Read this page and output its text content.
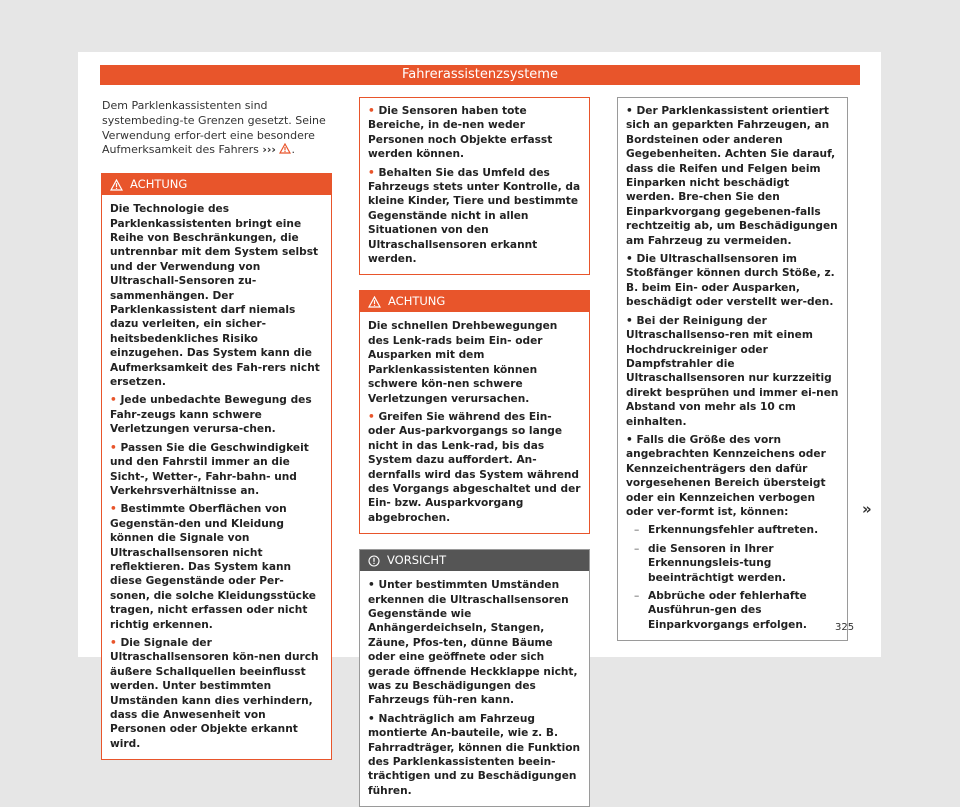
Fahrerassistenzsysteme
Dem Parklenkassistenten sind systembeding-te Grenzen gesetzt. Seine Verwendung erfor-dert eine besondere Aufmerksamkeit des Fahrers ››› .
ACHTUNG

Die Technologie des Parklenkassistenten bringt eine Reihe von Beschränkungen, die untrennbar mit dem System selbst und der Verwendung von Ultraschall-Sensoren zu-sammenhängen. Der Parklenkassistent darf niemals dazu verleiten, ein sicher-heitsbedenkliches Risiko einzugehen. Das System kann die Aufmerksamkeit des Fah-rers nicht ersetzen.

• Jede unbedachte Bewegung des Fahr-zeugs kann schwere Verletzungen verursa-chen.

• Passen Sie die Geschwindigkeit und den Fahrstil immer an die Sicht-, Wetter-, Fahr-bahn- und Verkehrsverhältnisse an.

• Bestimmte Oberflächen von Gegenstän-den und Kleidung können die Signale von Ultraschallsensoren nicht reflektieren. Das System kann diese Gegenstände oder Per-sonen, die solche Kleidungsstücke tragen, nicht erfassen oder nicht richtig erkennen.

• Die Signale der Ultraschallsensoren kön-nen durch äußere Schallquellen beeinflusst werden. Unter bestimmten Umständen kann dies verhindern, dass die Anwesenheit von Personen oder Objekte erkannt wird.

• Die Sensoren haben tote Bereiche, in de-nen weder Personen noch Objekte erfasst werden können.

• Behalten Sie das Umfeld des Fahrzeugs stets unter Kontrolle, da kleine Kinder, Tiere und bestimmte Gegenstände nicht in allen Situationen von den Ultraschallsensoren erkannt werden.

ACHTUNG

Die schnellen Drehbewegungen des Lenk-rads beim Ein- oder Ausparken mit dem Parklenkassistenten können schwere kön-nen schwere Verletzungen verursachen.

• Greifen Sie während des Ein- oder Aus-parkvorgangs so lange nicht in das Lenk-rad, bis das System dazu auffordert. An-dernfalls wird das System während des Vorgangs abgeschaltet und der Ein- bzw. Ausparkvorgang abgebrochen.

VORSICHT

• Unter bestimmten Umständen erkennen die Ultraschallsensoren Gegenstände wie Anhängerdeichseln, Stangen, Zäune, Pfos-ten, dünne Bäume oder eine geöffnete oder sich gerade öffnende Heckklappe nicht, was zu Beschädigungen des Fahrzeugs füh-ren kann.

• Nachträglich am Fahrzeug montierte An-bauteile, wie z. B. Fahrradträger, können die Funktion des Parklenkassistenten beein-trächtigen und zu Beschädigungen führen.

• Der Parklenkassistent orientiert sich an geparkten Fahrzeugen, an Bordsteinen oder anderen Gegebenheiten. Achten Sie darauf, dass die Reifen und Felgen beim Einparken nicht beschädigt werden. Bre-chen Sie den Einparkvorgang gegebenen-falls rechtzeitig ab, um Beschädigungen am Fahrzeug zu vermeiden.

• Die Ultraschallsensoren im Stoßfänger können durch Stöße, z. B. beim Ein- oder Ausparken, beschädigt oder verstellt wer-den.

• Bei der Reinigung der Ultraschallsenso-ren mit einem Hochdruckreiniger oder Dampfstrahler die Ultraschallsensoren nur kurzzeitig direkt besprühen und immer ei-nen Abstand von mehr als 10 cm einhalten.

• Falls die Größe des vorn angebrachten Kennzeichens oder Kennzeichenträgers den dafür vorgesehenen Bereich übersteigt oder ein Kennzeichen verbogen oder ver-formt ist, können:

– Erkennungsfehler auftreten.

– die Sensoren in Ihrer Erkennungsleis-tung beeinträchtigt werden.

– Abbrüche oder fehlerhafte Ausführun-gen des Einparkvorgangs erfolgen.

»
325
